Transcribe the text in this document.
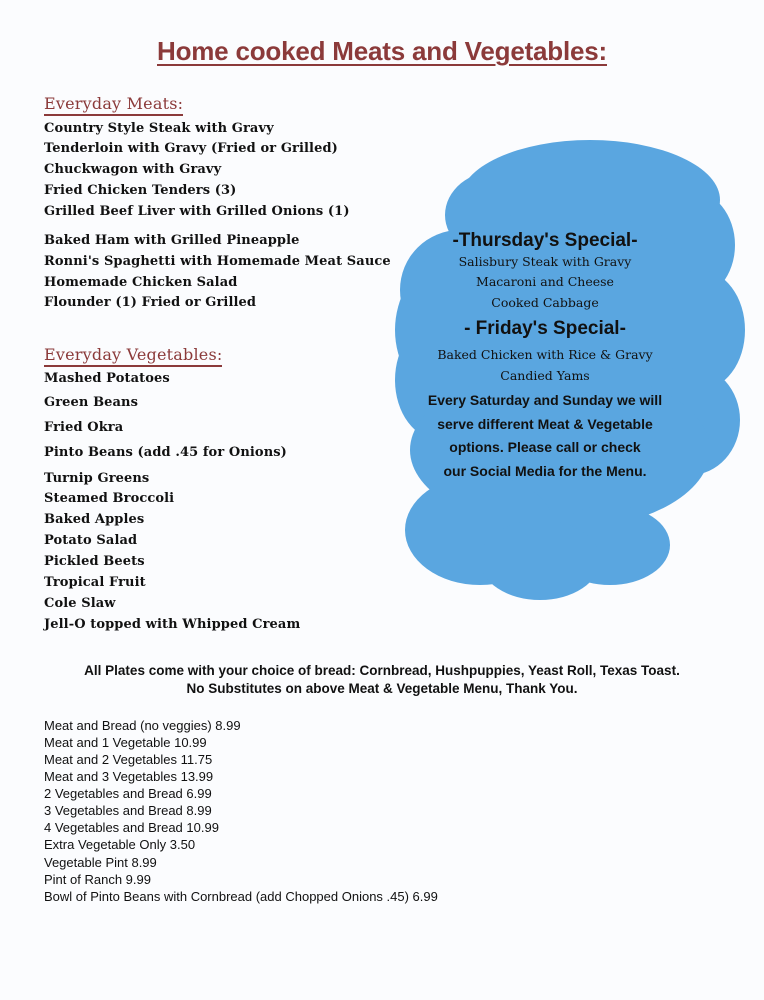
Home cooked Meats and Vegetables:
Everyday Meats:
Country Style Steak with Gravy
Tenderloin with Gravy (Fried or Grilled)
Chuckwagon with Gravy
Fried Chicken Tenders (3)
Grilled Beef Liver with Grilled Onions (1)
Baked Ham with Grilled Pineapple
Ronni's Spaghetti with Homemade Meat Sauce
Homemade Chicken Salad
Flounder (1) Fried or Grilled
Everyday Vegetables:
Mashed Potatoes
Green Beans
Fried Okra
Pinto Beans (add .45 for Onions)
Turnip Greens
Steamed Broccoli
Baked Apples
Potato Salad
Pickled Beets
Tropical Fruit
Cole Slaw
Jell-O topped with Whipped Cream
-Thursday's Special-
Salisbury Steak with Gravy
Macaroni and Cheese
Cooked Cabbage
- Friday's Special-
Baked Chicken with Rice & Gravy
Candied Yams
Every Saturday and Sunday we will
serve different Meat & Vegetable
options. Please call or check
our Social Media for the Menu.
All Plates come with your choice of bread: Cornbread, Hushpuppies, Yeast Roll, Texas Toast.
No Substitutes on above Meat & Vegetable Menu, Thank You.
Meat and Bread (no veggies) 8.99
Meat and 1 Vegetable 10.99
Meat and 2 Vegetables 11.75
Meat and 3 Vegetables 13.99
2 Vegetables and Bread 6.99
3 Vegetables and Bread 8.99
4 Vegetables and Bread 10.99
Extra Vegetable Only 3.50
Vegetable Pint 8.99
Pint of Ranch 9.99
Bowl of Pinto Beans with Cornbread (add Chopped Onions .45) 6.99
